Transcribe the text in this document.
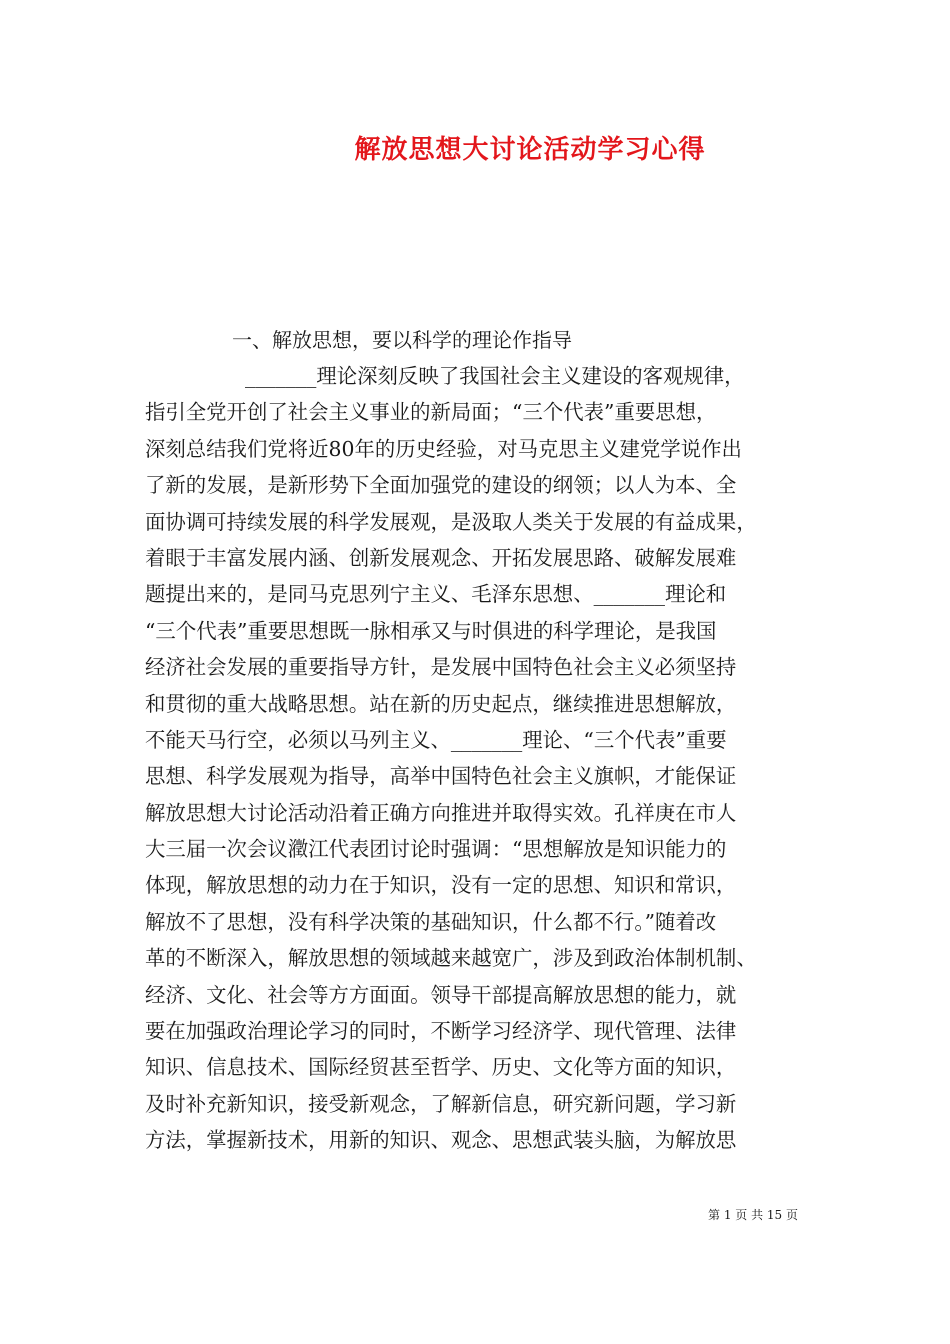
解放思想大讨论活动学习心得
一、解放思想，要以科学的理论作指导
_______理论深刻反映了我国社会主义建设的客观规律，
指引全党开创了社会主义事业的新局面；“三个代表”重要思想，
深刻总结我们党将近80年的历史经验，对马克思主义建党学说作出
了新的发展，是新形势下全面加强党的建设的纲领；以人为本、全
面协调可持续发展的科学发展观，是汲取人类关于发展的有益成果，
着眼于丰富发展内涵、创新发展观念、开拓发展思路、破解发展难
题提出来的，是同马克思列宁主义、毛泽东思想、_______理论和
“三个代表”重要思想既一脉相承又与时俱进的科学理论，是我国
经济社会发展的重要指导方针，是发展中国特色社会主义必须坚持
和贯彻的重大战略思想。站在新的历史起点，继续推进思想解放，
不能天马行空，必须以马列主义、_______理论、“三个代表”重要
思想、科学发展观为指导，高举中国特色社会主义旗帜，才能保证
解放思想大讨论活动沿着正确方向推进并取得实效。孔祥庚在市人
大三届一次会议瀓江代表团讨论时强调：“思想解放是知识能力的
体现，解放思想的动力在于知识，没有一定的思想、知识和常识，
解放不了思想，没有科学决策的基础知识，什么都不行。”随着改
革的不断深入，解放思想的领域越来越宽广，涉及到政治体制机制、
经济、文化、社会等方方面面。领导干部提高解放思想的能力，就
要在加强政治理论学习的同时，不断学习经济学、现代管理、法律
知识、信息技术、国际经贸甚至哲学、历史、文化等方面的知识，
及时补充新知识，接受新观念，了解新信息，研究新问题，学习新
方法，掌握新技术，用新的知识、观念、思想武装头脑，为解放思
第 1 页 共 15 页
